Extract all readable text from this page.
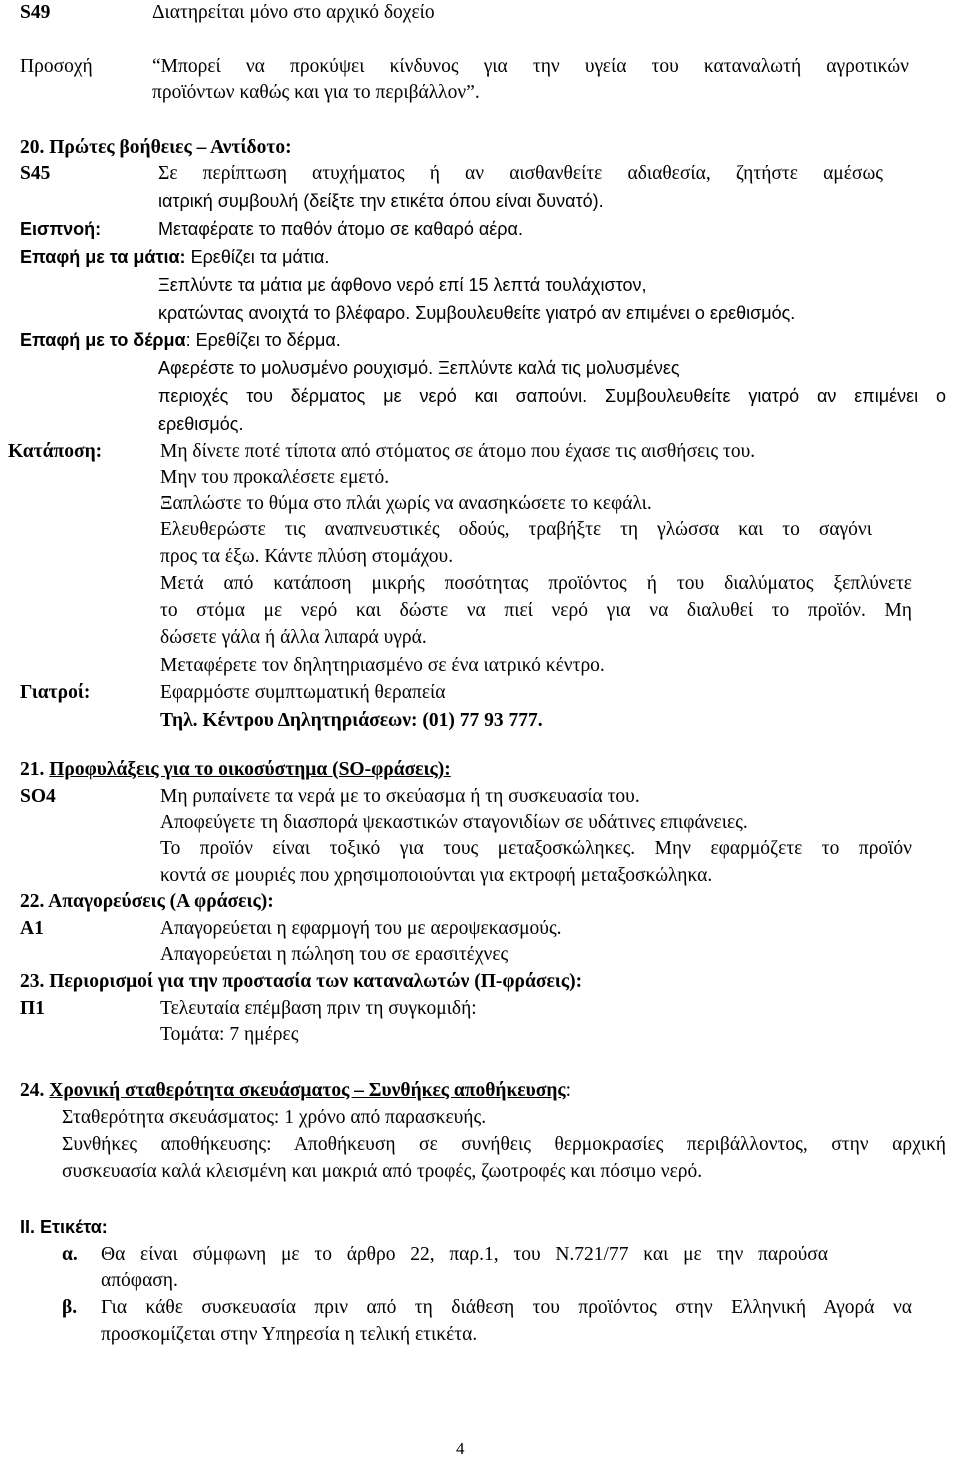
S49	Διατηρείται μόνο στο αρχικό δοχείο
Προσοχή	“Μπορεί να προκύψει κίνδυνος για την υγεία του καταναλωτή αγροτικών
προϊόντων καθώς και για το περιβάλλον”.
20. Πρώτες βοήθειες – Αντίδοτο:
S45	Σε περίπτωση ατυχήματος ή αν αισθανθείτε αδιαθεσία, ζητήστε αμέσως
ιατρική συμβουλή (δείξτε την ετικέτα όπου είναι δυνατό).
Εισπνοή:	Μεταφέρατε το παθόν άτομο σε καθαρό αέρα.
Επαφή με τα μάτια: Ερεθίζει τα μάτια.
Ξεπλύντε τα μάτια με άφθονο νερό επί 15 λεπτά τουλάχιστον,
κρατώντας ανοιχτά το βλέφαρο. Συμβουλευθείτε γιατρό αν επιμένει ο ερεθισμός.
Επαφή με το δέρμα: Ερεθίζει το δέρμα.
Αφερέστε το μολυσμένο ρουχισμό. Ξεπλύντε καλά τις μολυσμένες
περιοχές του δέρματος με νερό και σαπούνι. Συμβουλευθείτε γιατρό αν επιμένει ο
ερεθισμός.
Κατάποση:	Μη δίνετε ποτέ τίποτα από στόματος σε άτομο που έχασε τις αισθήσεις του.
Μην του προκαλέσετε εμετό.
Ξαπλώστε το θύμα στο πλάι χωρίς να ανασηκώσετε το κεφάλι.
Ελευθερώστε τις αναπνευστικές οδούς, τραβήξτε τη γλώσσα και το σαγόνι
προς τα έξω. Κάντε πλύση στομάχου.
Μετά από κατάποση μικρής ποσότητας προϊόντος ή του διαλύματος ξεπλύνετε
το στόμα με νερό και δώστε να πιεί νερό για να διαλυθεί το προϊόν. Μη
δώσετε γάλα ή άλλα λιπαρά υγρά.
Μεταφέρετε τον δηλητηριασμένο σε ένα ιατρικό κέντρο.
Γιατροί:	Εφαρμόστε συμπτωματική θεραπεία
Τηλ. Κέντρου Δηλητηριάσεων: (01) 77 93 777.
21. Προφυλάξεις για το οικοσύστημα (SO-φράσεις):
SO4	Μη ρυπαίνετε τα νερά με το σκεύασμα ή τη συσκευασία του.
Αποφεύγετε τη διασπορά ψεκαστικών σταγονιδίων σε υδάτινες επιφάνειες.
Το προϊόν είναι τοξικό για τους μεταξοσκώληκες. Μην εφαρμόζετε το προϊόν
κοντά σε μουριές που χρησιμοποιούνται για εκτροφή μεταξοσκώληκα.
22. Απαγορεύσεις (Α φράσεις):
Α1	Απαγορεύεται η εφαρμογή του με αεροψεκασμούς.
Απαγορεύεται η πώληση του σε ερασιτέχνες
23. Περιορισμοί για την προστασία των καταναλωτών (Π-φράσεις):
Π1	Τελευταία επέμβαση πριν τη συγκομιδή:
Τομάτα: 7 ημέρες
24. Χρονική σταθερότητα σκευάσματος – Συνθήκες αποθήκευσης:
Σταθερότητα σκευάσματος: 1 χρόνο από παρασκευής.
Συνθήκες αποθήκευσης: Αποθήκευση σε συνήθεις θερμοκρασίες περιβάλλοντος, στην αρχική
συσκευασία καλά κλεισμένη και μακριά από τροφές, ζωοτροφές και πόσιμο νερό.
ΙΙ. Ετικέτα:
α. Θα είναι σύμφωνη με το άρθρο 22, παρ.1, του Ν.721/77 και με την παρούσα
απόφαση.
β. Για κάθε συσκευασία πριν από τη διάθεση του προϊόντος στην Ελληνική Αγορά να
προσκομίζεται στην Υπηρεσία η τελική ετικέτα.
4
